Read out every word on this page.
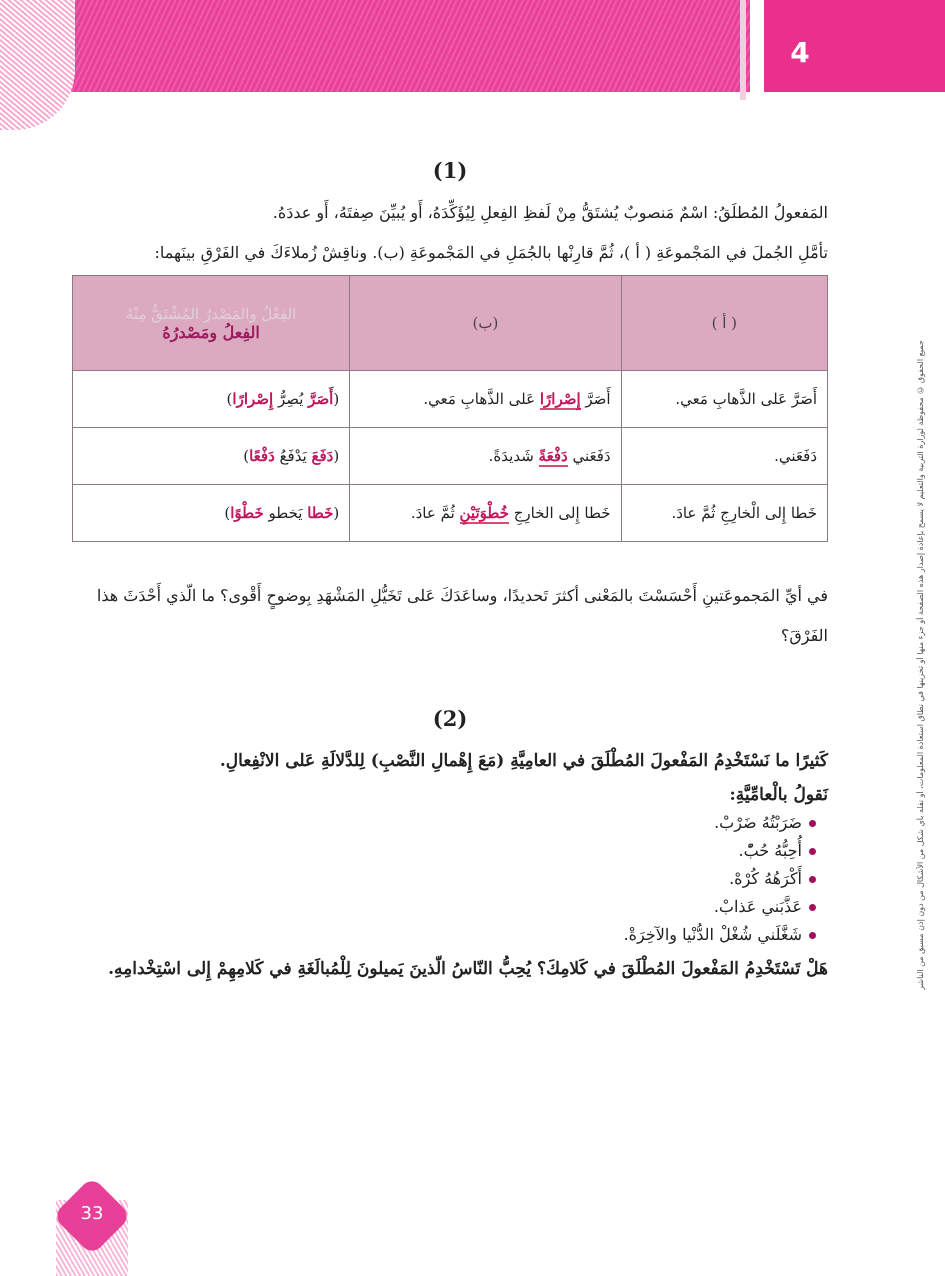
4
جميع الحقوق © محفوظة لوزارة التربية والتعليم لا يسمح بإعادة إصدار هذه الصفحة أو جزء منها أو تخزينها في نطاق استعادة المعلومات، أو نقله بأي شكل من الأشكال من دون إذن مسبق من الناشر
(1)

المَفعولُ المُطلَقُ: اسْمٌ مَنصوبٌ يُشتَقُّ مِنْ لَفظِ الفِعلِ لِيُؤَكِّدَهُ، أَو يُبيِّنَ صِفتَهُ، أَو عددَهُ.

تأمَّلِ الجُملَ في المَجْموعَةِ ( أ )، ثُمَّ قارِنْها بالجُمَلِ في المَجْموعَةِ (ب). وناقِشْ زُملاءَكَ في الفَرْقِ بينَهما:

( أ )	(ب)	الفِعْلُ والمَصْدرُ المُشْتَقُّ مِنْهُ
الفِعلُ ومَصْدرُهُ

أَصَرَّ عَلى الذَّهابِ مَعي.	أَصَرَّ إِصْرارًا عَلى الذَّهابِ مَعي.	(أَصَرَّ يُصِرُّ إِصْرارًا)
دَفَعَني.	دَفَعَني دَفْعَةً شَديدَةً.	(دَفَعَ يَدْفَعُ دَفْعًا)
خَطا إِلى الْخارِجِ ثُمَّ عادَ.	خَطا إِلى الخارِجِ خُطْوَتَيْنِ ثُمَّ عادَ.	(خَطا يَخطو خَطْوًا)

في أيِّ المَجموعَتينِ أَحْسَسْتَ بالمَعْنى أكثرَ تَحديدًا، وساعَدَكَ عَلى تَخَيُّلِ المَشْهَدِ بِوضوحٍ أَقْوى؟ ما الّذي أَحْدَثَ هذا الفَرْقَ؟

(2)

كَثيرًا ما نَسْتَخْدِمُ المَفْعولَ المُطْلَقَ في العامِيَّةِ (مَعَ إِهْمالِ النَّصْبِ) لِلدَّلالَةِ عَلى الانْفِعالِ.

نَقولُ بالْعامِّيَّةِ:

ضَرَبْتُهُ ضَرْبْ.
أُحِبُّهُ حُبّْ.
أَكْرَهُهُ كُرْهْ.
عَذَّبَني عَذابْ.
شَغَّلَني شُغْلْ الدُّنْيا والآخِرَةْ.

هَلْ تَسْتَخْدِمُ المَفْعولَ المُطْلَقَ في كَلامِكَ؟ يُحِبُّ النّاسُ الّذينَ يَميلونَ لِلْمُبالَغَةِ في كَلامِهِمْ إِلى اسْتِخْدامِهِ.

33
